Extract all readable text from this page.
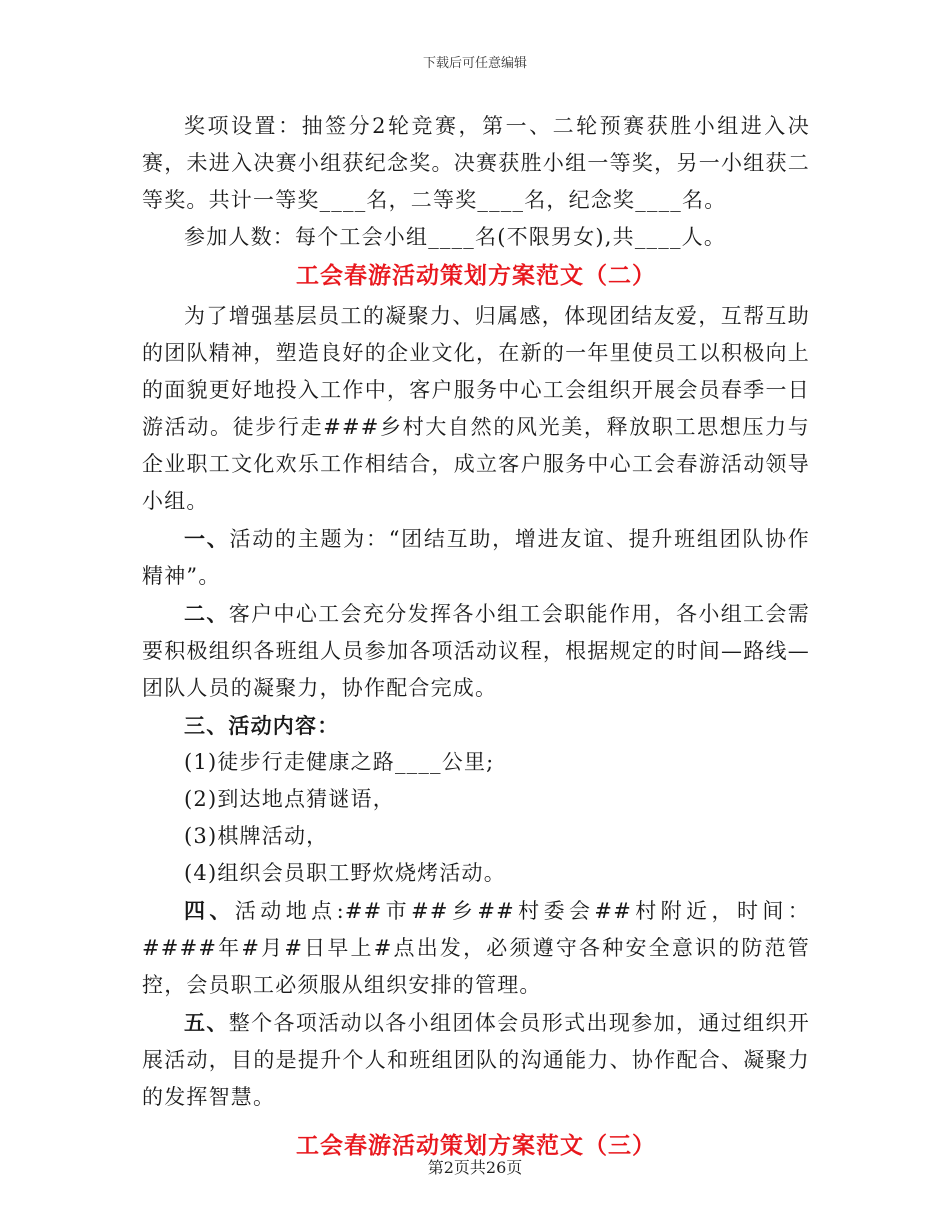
下载后可任意编辑

奖项设置：抽签分2轮竞赛，第一、二轮预赛获胜小组进入决赛，未进入决赛小组获纪念奖。决赛获胜小组一等奖，另一小组获二等奖。共计一等奖____名，二等奖____名，纪念奖____名。

参加人数：每个工会小组____名(不限男女),共____人。

工会春游活动策划方案范文（二）

为了增强基层员工的凝聚力、归属感，体现团结友爱，互帮互助的团队精神，塑造良好的企业文化，在新的一年里使员工以积极向上的面貌更好地投入工作中，客户服务中心工会组织开展会员春季一日游活动。徒步行走###乡村大自然的风光美，释放职工思想压力与企业职工文化欢乐工作相结合，成立客户服务中心工会春游活动领导小组。

一、活动的主题为：“团结互助，增进友谊、提升班组团队协作精神”。

二、客户中心工会充分发挥各小组工会职能作用，各小组工会需要积极组织各班组人员参加各项活动议程，根据规定的时间—路线—团队人员的凝聚力，协作配合完成。

三、活动内容：

(1)徒步行走健康之路____公里;

(2)到达地点猜谜语，

(3)棋牌活动，

(4)组织会员职工野炊烧烤活动。

四、活动地点:##市##乡##村委会##村附近，时间：####年#月#日早上#点出发，必须遵守各种安全意识的防范管控，会员职工必须服从组织安排的管理。

五、整个各项活动以各小组团体会员形式出现参加，通过组织开展活动，目的是提升个人和班组团队的沟通能力、协作配合、凝聚力的发挥智慧。

工会春游活动策划方案范文（三）
第2页共26页
